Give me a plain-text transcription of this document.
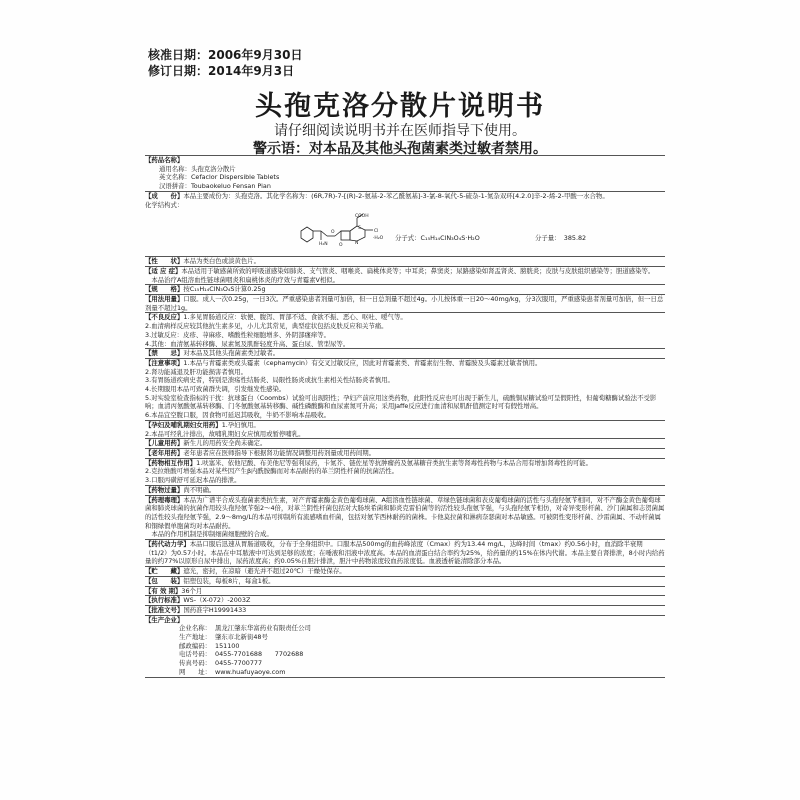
核准日期：2006年9月30日
修订日期：2014年9月3日
头孢克洛分散片说明书
请仔细阅读说明书并在医师指导下使用。
警示语：对本品及其他头孢菌素类过敏者禁用。
【药品名称】
通用名称：头孢克洛分散片
英文名称：Cefaclor Dispersible Tablets
汉语拼音：Toubaokeluo Fensan Pian
【成　　份】本品主要成份为：头孢克洛。其化学名称为：(6R,7R)-7-[(R)-2-氨基-2-苯乙酰氨基]-3-氯-8-氧代-5-硫杂-1-氮杂双环[4.2.0]辛-2-烯-2-甲酸一水合物。
化学结构式：
H₂N
O
O	N
COOH
Cl
·H₂O
S
分子式：C₁₅H₁₄ClN₃O₄S·H₂O	分子量：　385.82
【性　　状】本品为类白色或淡黄色片。
【适 应 症】本品适用于敏感菌所致的呼吸道感染如肺炎、支气管炎、咽喉炎、扁桃体炎等；中耳炎；鼻窦炎；尿路感染如肾盂肾炎、膀胱炎；皮肤与皮肤组织感染等；胆道感染等。
　本品治疗A组溶血性链球菌咽炎和扁桃体炎的疗效与青霉素V相似。
【规　　格】按C₁₅H₁₄ClN₃O₄S计算0.25g
【用法用量】口服。成人一次0.25g，一日3次。严重感染患者剂量可加倍，但一日总剂量不超过4g。小儿按体重一日20～40mg/kg，分3次服用，严重感染患者剂量可加倍，但一日总剂量不超过1g。
【不良反应】1.多见胃肠道反应：软便、腹泻、胃部不适、食欲不振、恶心、呕吐、嗳气等。
2.血清病样反应较其他抗生素多见，小儿尤其常见，典型症状包括皮肤反应和关节痛。
3.过敏反应：皮疹、荨麻疹、嗜酸性粒细胞增多、外阴部瘙痒等。
4.其他：血清氨基转移酶、尿素氮及肌酐轻度升高、蛋白尿、管型尿等。
【禁　　忌】对本品及其他头孢菌素类过敏者。
【注意事项】1.本品与青霉素类或头霉素（cephamycin）有交叉过敏反应，因此对青霉素类、青霉素衍生物、青霉胺及头霉素过敏者慎用。
2.肾功能减退及肝功能损害者慎用。
3.有胃肠道疾病史者，特别是溃疡性结肠炎、局限性肠炎或抗生素相关性结肠炎者慎用。
4.长期服用本品可致菌群失调，引发继发性感染。
5.对实验室检查指标的干扰：抗球蛋白（Coombs）试验可出现阳性；孕妇产前应用这类药物，此阳性反应也可出现于新生儿，硫酸铜尿糖试验可呈假阳性，但葡萄糖酶试验法不受影响；血清丙氨酸氨基转移酶、门冬氨酸氨基转移酶、碱性磷酸酶和血尿素氮可升高；采用Jaffe反应进行血清和尿肌酐值测定时可有假性增高。
6.本品宜空腹口服，因食物可延迟其吸收，牛奶不影响本品吸收。
【孕妇及哺乳期妇女用药】1.孕妇慎用。
2.本品可经乳汁排出，故哺乳期妇女应慎用或暂停哺乳。
【儿童用药】新生儿的用药安全尚未确定。
【老年用药】老年患者应在医师指导下根据肾功能情况调整用药剂量或用药间期。
【药物相互作用】1.呋塞米、依他尼酸、布美他尼等强利尿药，卡氮芥、链佐星等抗肿瘤药及氨基糖苷类抗生素等肾毒性药物与本品合用有增加肾毒性的可能。
2.克拉维酸可增强本品对某些因产生β内酰胺酶而对本品耐药的革兰阴性杆菌的抗菌活性。
3.口服丙磺舒可延迟本品的排泄。
【药物过量】尚不明确。
【药理毒理】本品为广谱半合成头孢菌素类抗生素，对产青霉素酶金黄色葡萄球菌、A组溶血性链球菌、草绿色链球菌和表皮葡萄球菌的活性与头孢羟氨苄相同，对不产酶金黄色葡萄球菌和肺炎球菌的抗菌作用较头孢羟氨苄强2～4倍，对革兰阴性杆菌包括对大肠埃希菌和肺炎克雷伯菌等的活性较头孢氨苄强，与头孢羟氨苄相仿，对奇异变形杆菌、沙门菌属和志贺菌属的活性较头孢羟氨苄强，2.9～8mg/L的本品可抑制所有流感嗜血杆菌，包括对氨苄西林耐药的菌株。卡他莫拉菌和淋病奈瑟菌对本品敏感。可被阴性变形杆菌、沙雷菌属、不动杆菌属和铜绿假单胞菌均对本品耐药。
　本品的作用机制是抑制细菌细胞壁的合成。
【药代动力学】本品口服后迅速从胃肠道吸收，分布于全身组织中。口服本品500mg的血药峰浓度（Cmax）约为13.44 mg/L，达峰时间（tmax）约0.56小时，血消除半衰期（t1/2）为0.57小时。本品在中耳脓液中可达到足够的浓度；在唾液和泪液中浓度高。本品的血清蛋白结合率约为25%，给药量的约15%在体内代谢。本品主要自肾排泄，8小时内给药量的约77%以原形自尿中排出，尿药浓度高；约0.05%自胆汁排泄，胆汁中药物浓度较血药浓度低。血液透析能清除部分本品。
【贮　　藏】遮光，密封，在凉暗（避光并不超过20℃）干燥处保存。
【包　　装】铝塑包装，每板8片，每盒1板。
【有 效 期】36个月
【执行标准】WS-（X-072）-2003Z
【批准文号】国药准字H19991433
【生产企业】
企业名称： 黑龙江肇东华富药业有限责任公司
生产地址： 肇东市北新街48号
邮政编码： 151100
电话号码： 0455-7701688　　7702688
传真号码： 0455-7700777
网　　址： www.huafuyaoye.com
